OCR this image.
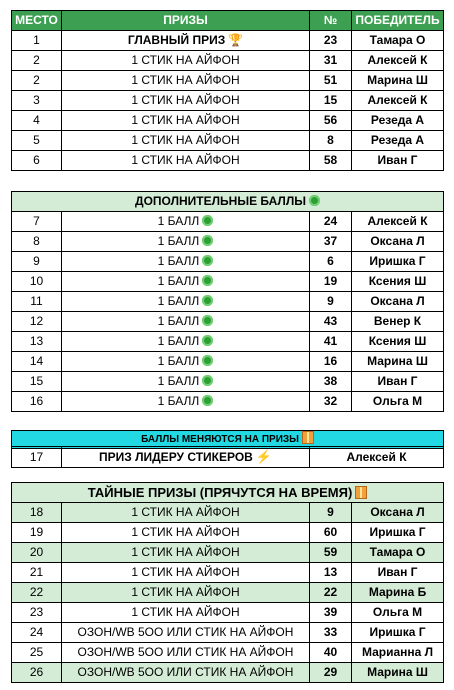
МЕСТО	ПРИЗЫ	№	ПОБЕДИТЕЛЬ
1	ГЛАВНЫЙ ПРИЗ 🏆	23	Тамара О
2	1 СТИК НА АЙФОН	31	Алексей К
2	1 СТИК НА АЙФОН	51	Марина Ш
3	1 СТИК НА АЙФОН	15	Алексей К
4	1 СТИК НА АЙФОН	56	Резеда А
5	1 СТИК НА АЙФОН	8	Резеда А
6	1 СТИК НА АЙФОН	58	Иван Г
ДОПОЛНИТЕЛЬНЫЕ БАЛЛЫ			
7	1 БАЛЛ	24	Алексей К
8	1 БАЛЛ	37	Оксана Л
9	1 БАЛЛ	6	Иришка Г
10	1 БАЛЛ	19	Ксения Ш
11	1 БАЛЛ	9	Оксана Л
12	1 БАЛЛ	43	Венер К
13	1 БАЛЛ	41	Ксения Ш
14	1 БАЛЛ	16	Марина Ш
15	1 БАЛЛ	38	Иван Г
16	1 БАЛЛ	32	Ольга М
БАЛЛЫ МЕНЯЮТСЯ НА ПРИЗЫ
17	ПРИЗ ЛИДЕРУ СТИКЕРОВ ⚡	Алексей К
ТАЙНЫЕ ПРИЗЫ (ПРЯЧУТСЯ НА ВРЕМЯ)			
18	1 СТИК НА АЙФОН	9	Оксана Л
19	1 СТИК НА АЙФОН	60	Иришка Г
20	1 СТИК НА АЙФОН	59	Тамара О
21	1 СТИК НА АЙФОН	13	Иван Г
22	1 СТИК НА АЙФОН	22	Марина Б
23	1 СТИК НА АЙФОН	39	Ольга М
24	ОЗОН/WB 5OO ИЛИ СТИК НА АЙФОН	33	Иришка Г
25	ОЗОН/WB 5OO ИЛИ СТИК НА АЙФОН	40	Марианна Л
26	ОЗОН/WB 5OO ИЛИ СТИК НА АЙФОН	29	Марина Ш
